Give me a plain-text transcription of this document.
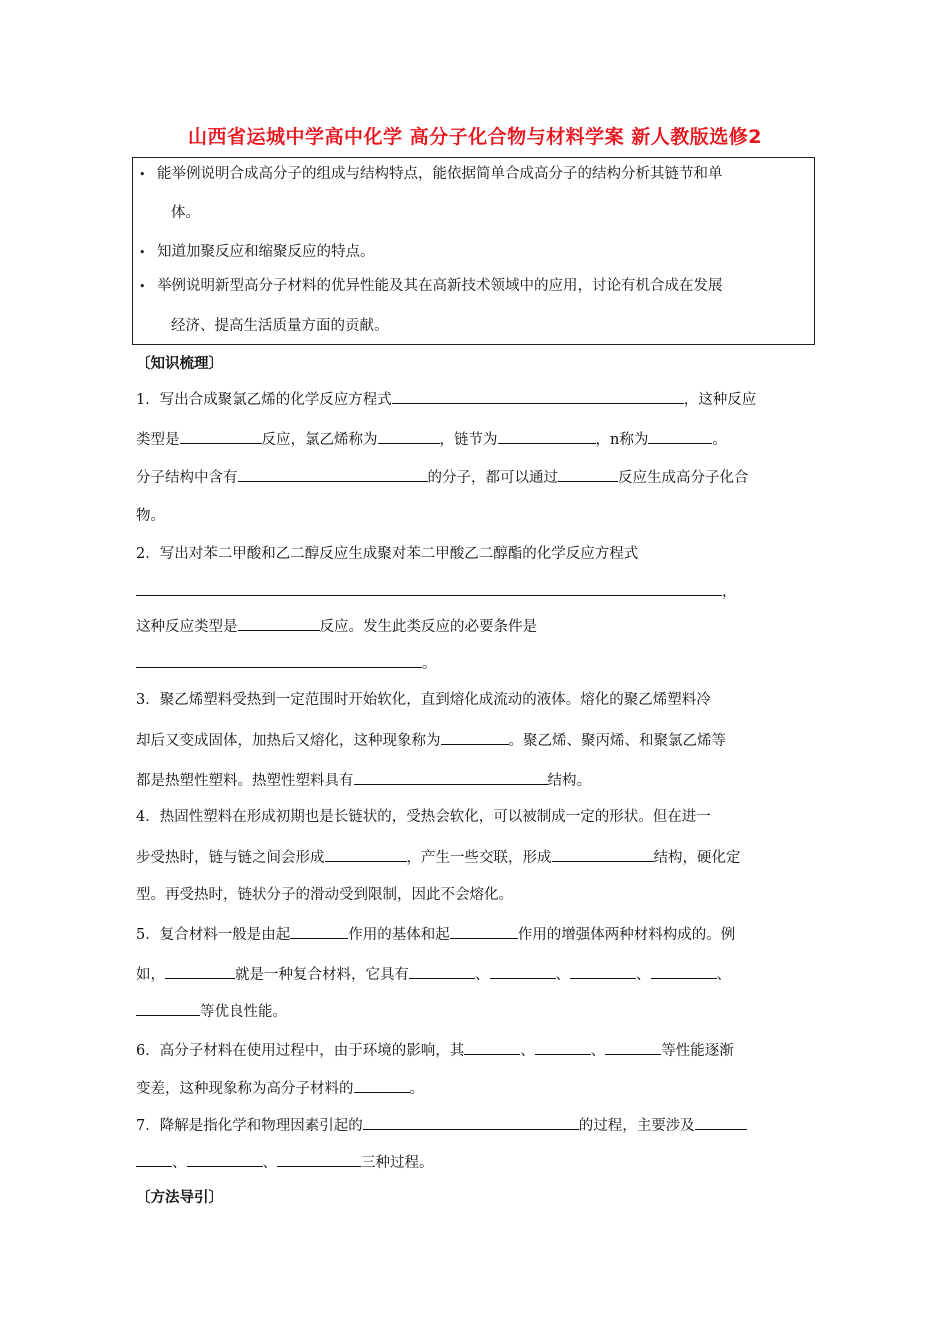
山西省运城中学高中化学 高分子化合物与材料学案 新人教版选修2
• 能举例说明合成高分子的组成与结构特点，能依据简单合成高分子的结构分析其链节和单
体。
• 知道加聚反应和缩聚反应的特点。
• 举例说明新型高分子材料的优异性能及其在高新技术领域中的应用，讨论有机合成在发展
经济、提高生活质量方面的贡献。
〔知识梳理〕
1．写出合成聚氯乙烯的化学反应方程式	，这种反应
类型是	反应，氯乙烯称为	，链节为	，n称为	。
分子结构中含有	的分子，都可以通过	反应生成高分子化合
物。
2．写出对苯二甲酸和乙二醇反应生成聚对苯二甲酸乙二醇酯的化学反应方程式
，
这种反应类型是	反应。发生此类反应的必要条件是
。
3．聚乙烯塑料受热到一定范围时开始软化，直到熔化成流动的液体。熔化的聚乙烯塑料冷
却后又变成固体，加热后又熔化，这种现象称为	。聚乙烯、聚丙烯、和聚氯乙烯等
都是热塑性塑料。热塑性塑料具有	结构。
4．热固性塑料在形成初期也是长链状的，受热会软化，可以被制成一定的形状。但在进一
步受热时，链与链之间会形成	，产生一些交联，形成	结构，硬化定
型。再受热时，链状分子的滑动受到限制，因此不会熔化。
5．复合材料一般是由起	作用的基体和起	作用的增强体两种材料构成的。例
如，	就是一种复合材料，它具有	、	、	、	、
等优良性能。
6．高分子材料在使用过程中，由于环境的影响，其	、	、	等性能逐渐
变差，这种现象称为高分子材料的	。
7．降解是指化学和物理因素引起的	的过程，主要涉及
、	、	三种过程。
〔方法导引〕
